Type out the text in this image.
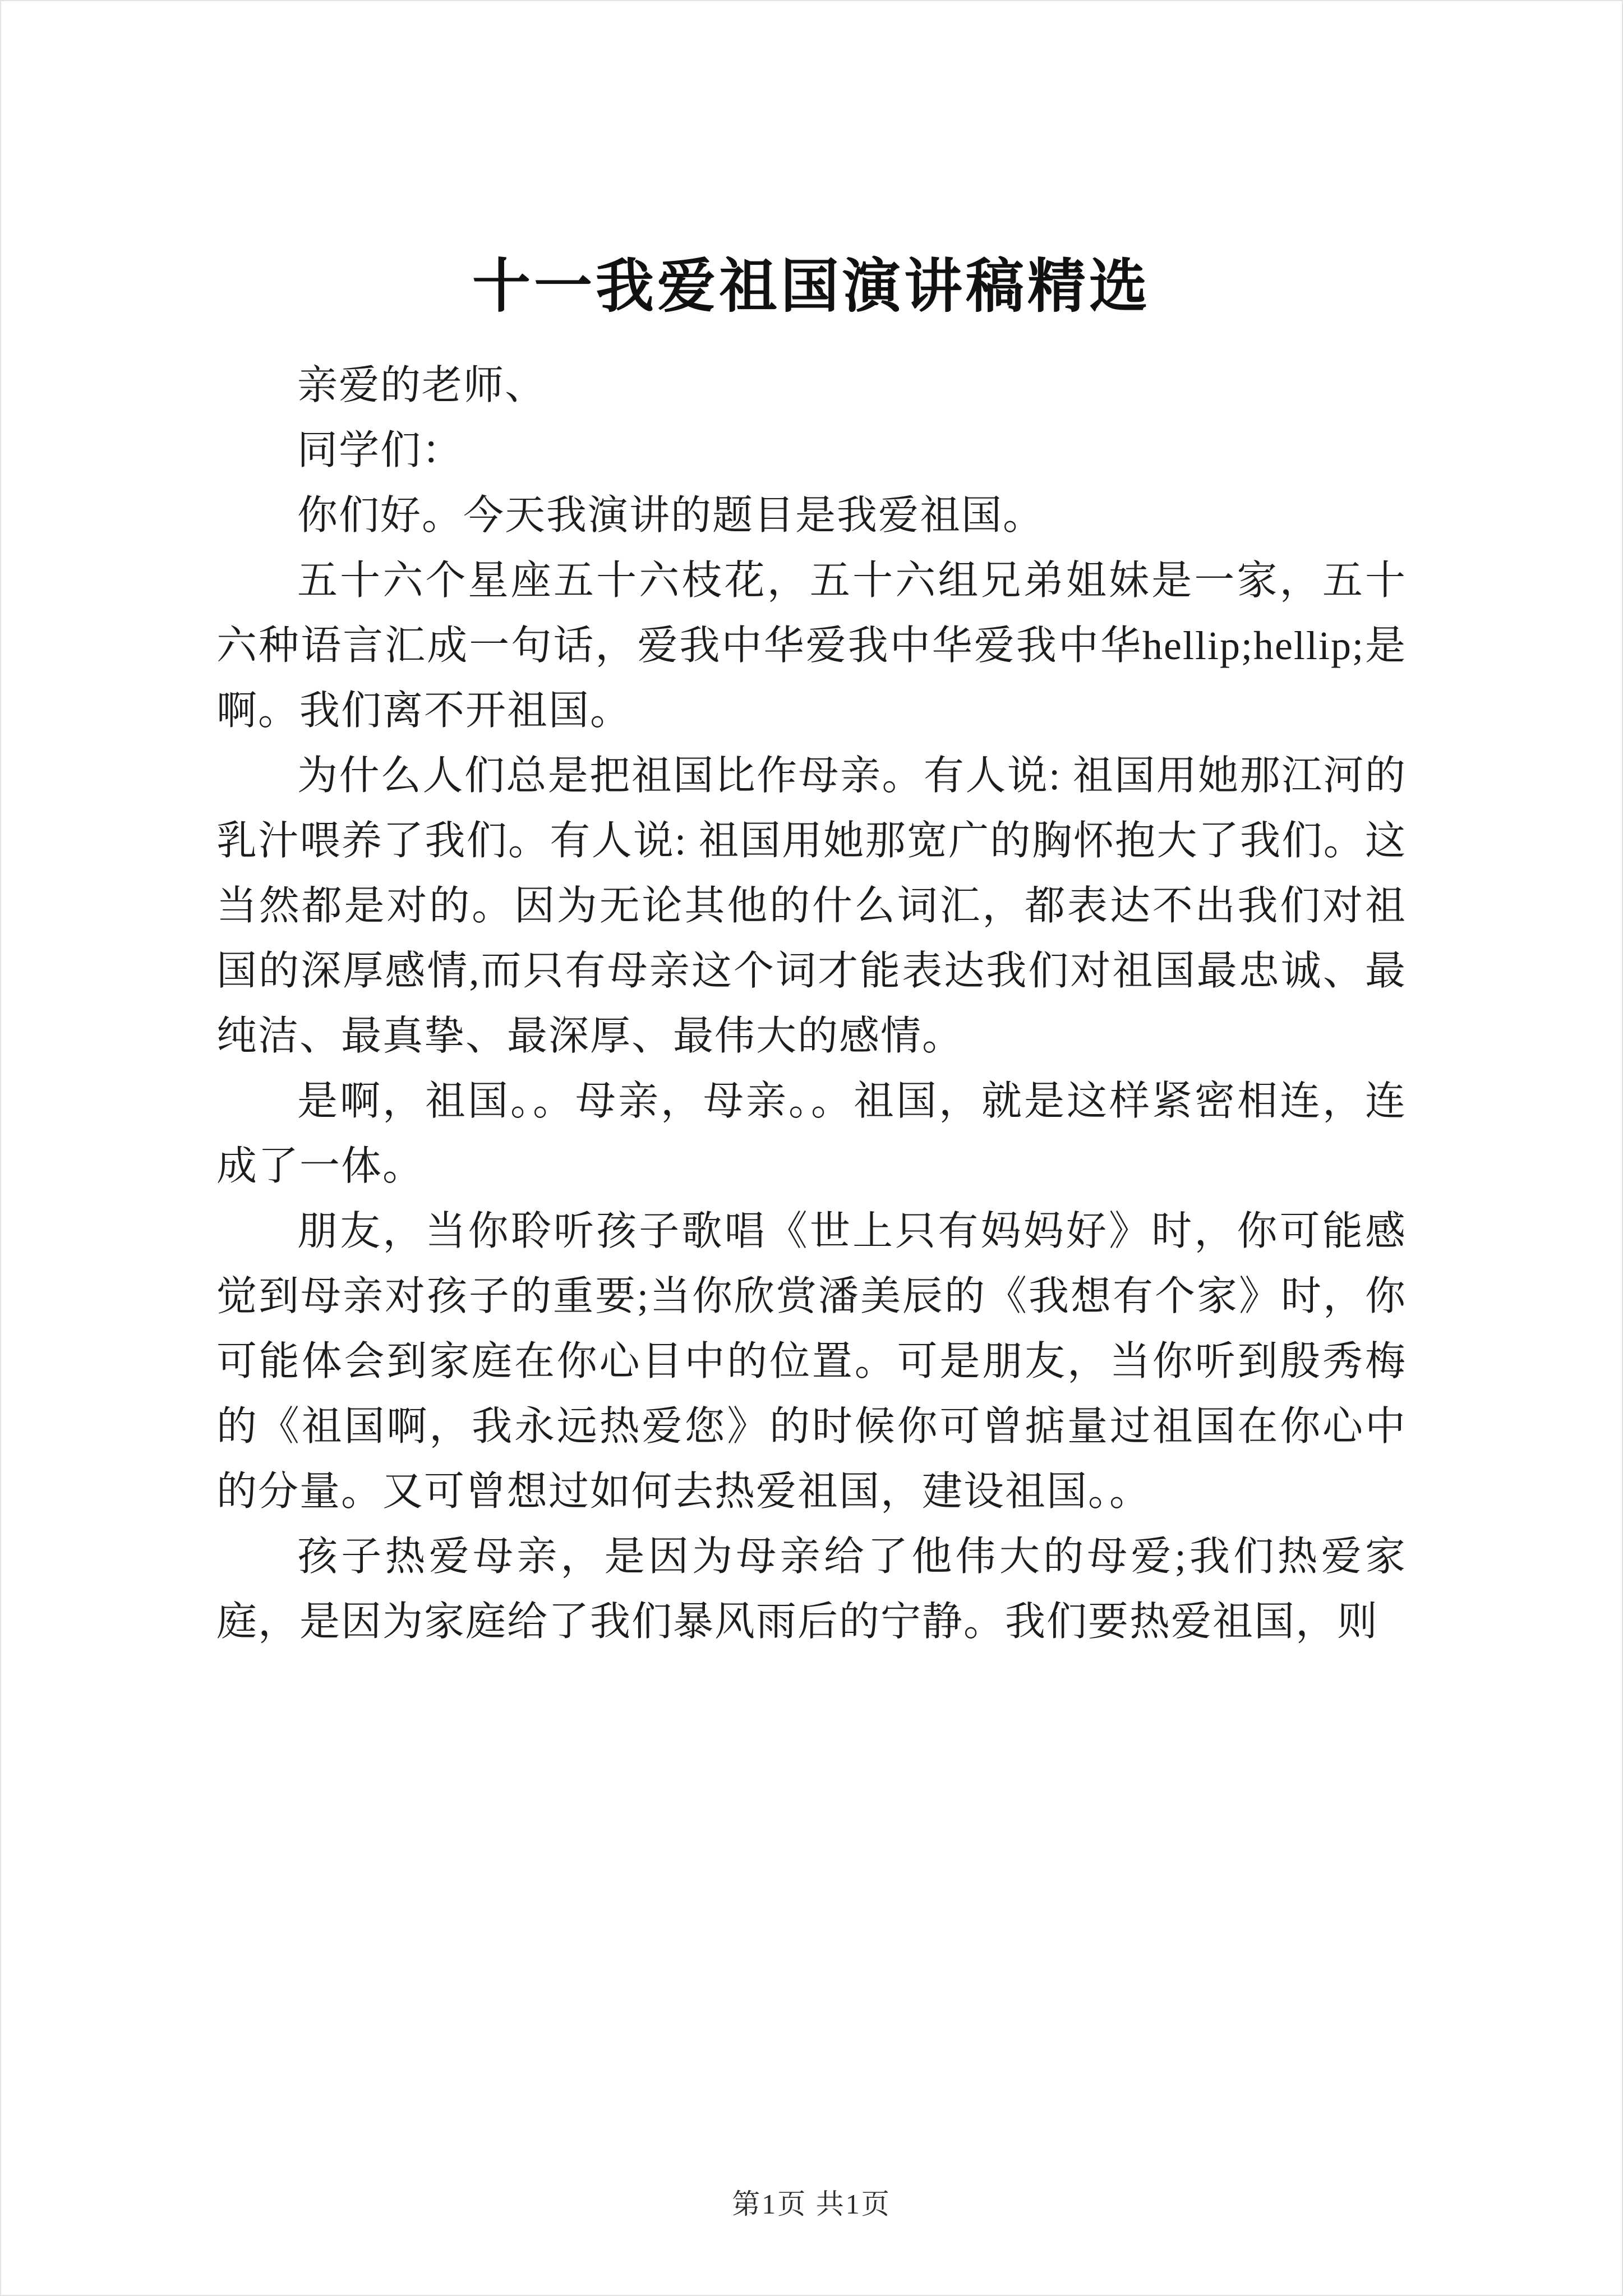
十一我爱祖国演讲稿精选

亲爱的老师、

同学们：

你们好。今天我演讲的题目是我爱祖国。

五十六个星座五十六枝花，五十六组兄弟姐妹是一家，五十六种语言汇成一句话，爱我中华爱我中华爱我中华hellip;hellip;是啊。我们离不开祖国。

为什么人们总是把祖国比作母亲。有人说: 祖国用她那江河的乳汁喂养了我们。有人说: 祖国用她那宽广的胸怀抱大了我们。这当然都是对的。因为无论其他的什么词汇，都表达不出我们对祖国的深厚感情,而只有母亲这个词才能表达我们对祖国最忠诚、最纯洁、最真挚、最深厚、最伟大的感情。

是啊，祖国。。母亲，母亲。。祖国，就是这样紧密相连，连成了一体。

朋友，当你聆听孩子歌唱《世上只有妈妈好》时，你可能感觉到母亲对孩子的重要;当你欣赏潘美辰的《我想有个家》时，你可能体会到家庭在你心目中的位置。可是朋友，当你听到殷秀梅的《祖国啊，我永远热爱您》的时候你可曾掂量过祖国在你心中的分量。又可曾想过如何去热爱祖国，建设祖国。。

孩子热爱母亲，是因为母亲给了他伟大的母爱;我们热爱家庭，是因为家庭给了我们暴风雨后的宁静。我们要热爱祖国，则

第1页 共1页
